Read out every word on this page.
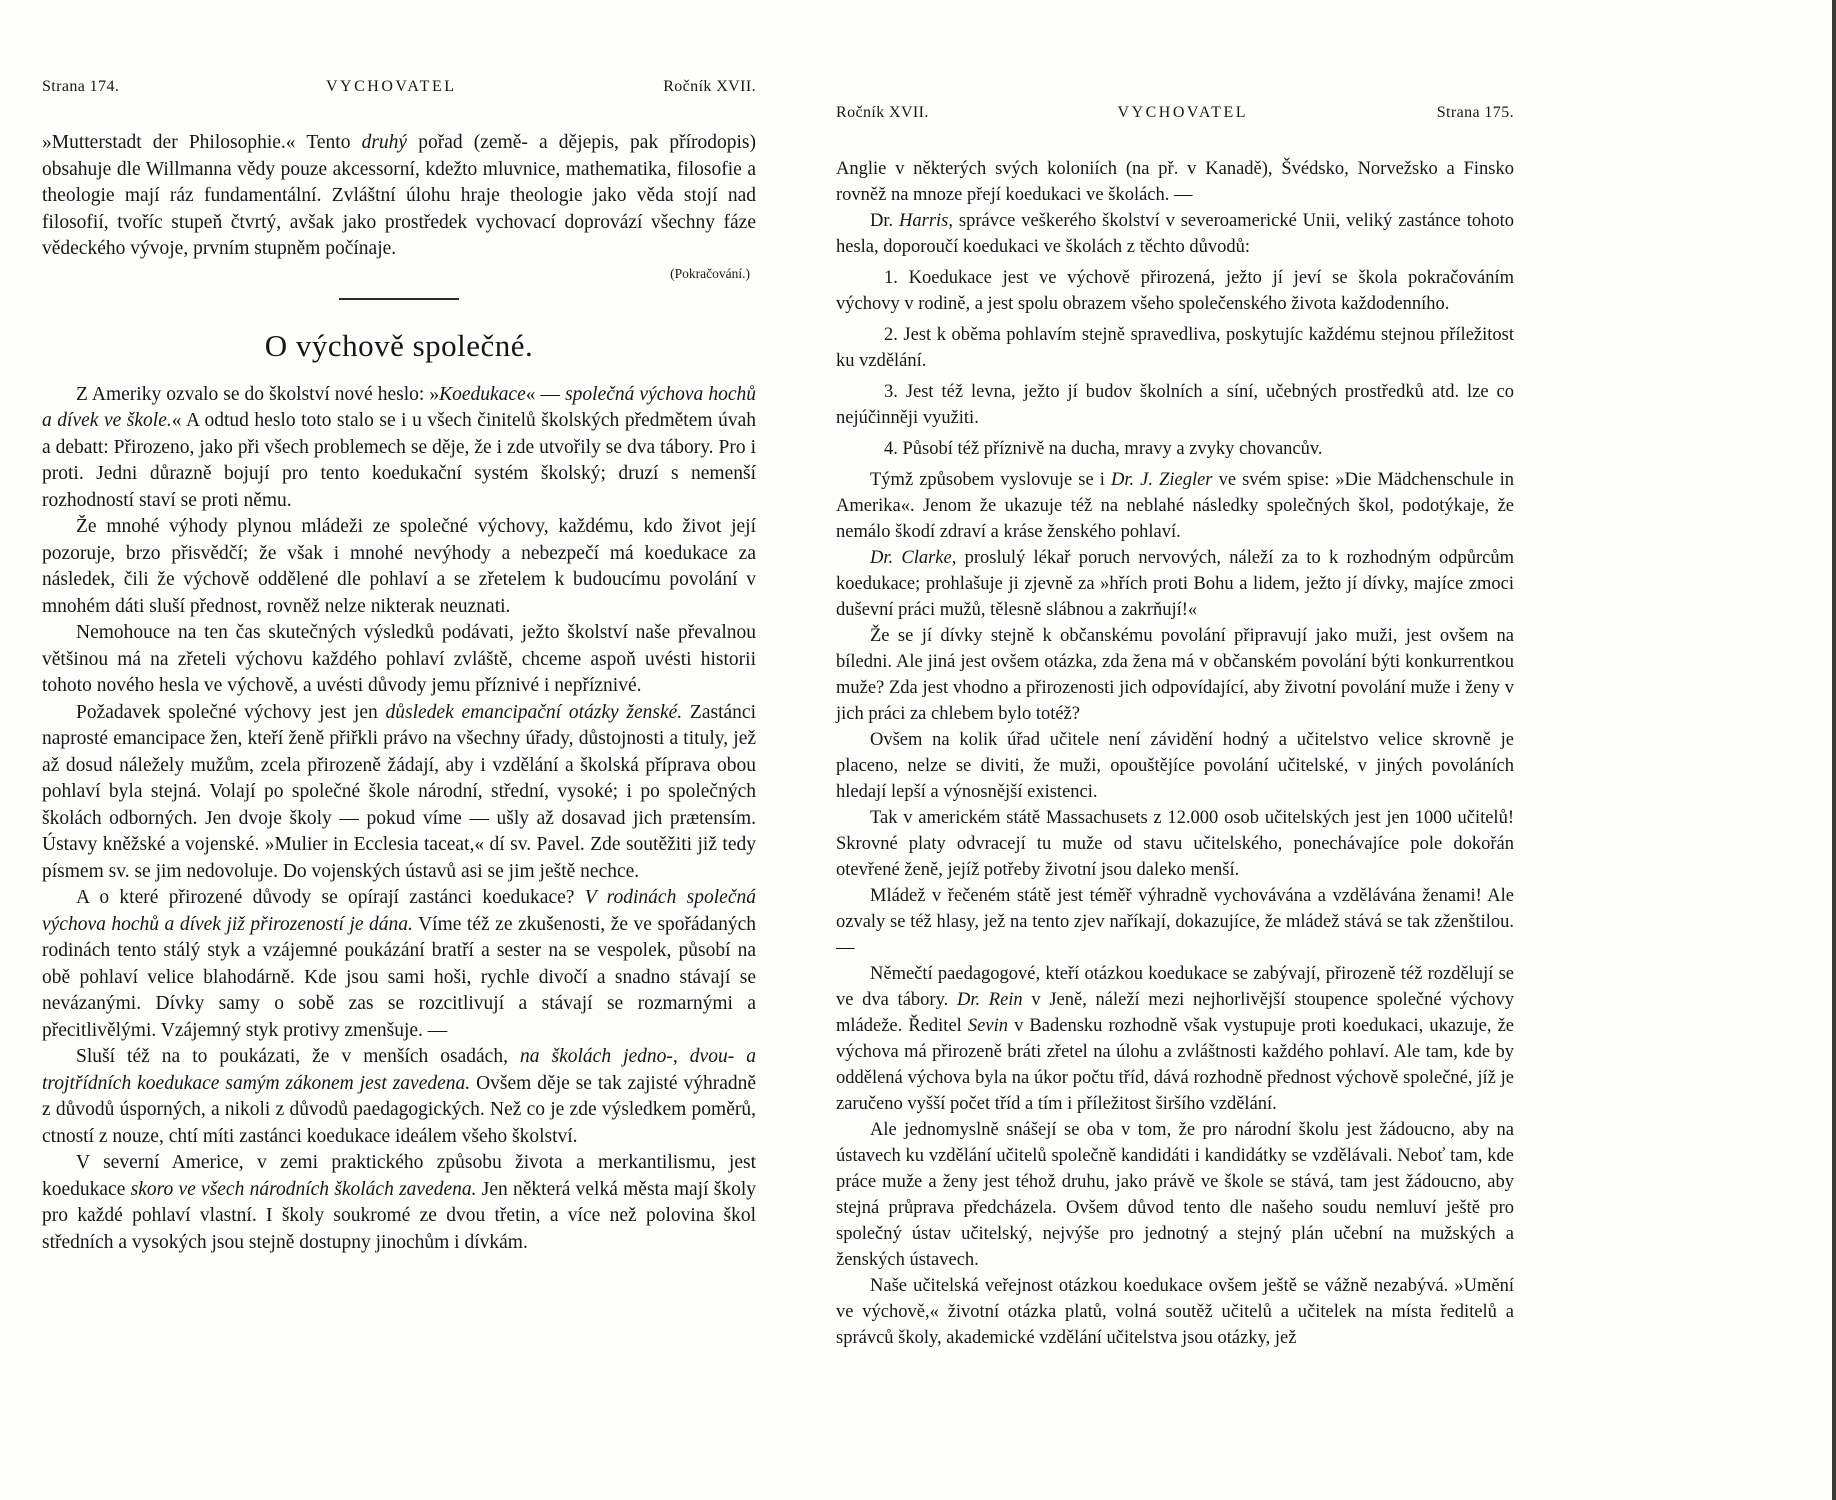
Strana 174.	VYCHOVATEL	Ročník XVII.

»Mutterstadt der Philosophie.« Tento druhý pořad (země- a dějepis, pak přírodopis) obsahuje dle Willmanna vědy pouze akcessorní, kdežto mluvnice, mathematika, filosofie a theologie mají ráz fundamentální. Zvláštní úlohu hraje theologie jako věda stojí nad filosofií, tvoříc stupeň čtvrtý, avšak jako prostředek vychovací doprovází všechny fáze vědeckého vývoje, prvním stupněm počínaje.

(Pokračování.)
O výchově společné.

Z Ameriky ozvalo se do školství nové heslo: »Koedukace« — společná výchova hochů a dívek ve škole.« A odtud heslo toto stalo se i u všech činitelů školských předmětem úvah a debatt: Přirozeno, jako při všech problemech se děje, že i zde utvořily se dva tábory. Pro i proti. Jedni důrazně bojují pro tento koedukační systém školský; druzí s nemenší rozhodností staví se proti němu.

Že mnohé výhody plynou mládeži ze společné výchovy, každému, kdo život její pozoruje, brzo přisvědčí; že však i mnohé nevýhody a nebezpečí má koedukace za následek, čili že výchově oddělené dle pohlaví a se zřetelem k budoucímu povolání v mnohém dáti sluší přednost, rovněž nelze nikterak neuznati.

Nemohouce na ten čas skutečných výsledků podávati, ježto školství naše převalnou většinou má na zřeteli výchovu každého pohlaví zvláště, chceme aspoň uvésti historii tohoto nového hesla ve výchově, a uvésti důvody jemu příznivé i nepříznivé.

Požadavek společné výchovy jest jen důsledek emancipační otázky ženské. Zastánci naprosté emancipace žen, kteří ženě přiřkli právo na všechny úřady, důstojnosti a tituly, jež až dosud náležely mužům, zcela přirozeně žádají, aby i vzdělání a školská příprava obou pohlaví byla stejná. Volají po společné škole národní, střední, vysoké; i po společných školách odborných. Jen dvoje školy — pokud víme — ušly až dosavad jich prætensím. Ústavy kněžské a vojenské. »Mulier in Ecclesia taceat,« dí sv. Pavel. Zde soutěžiti již tedy písmem sv. se jim nedovoluje. Do vojenských ústavů asi se jim ještě nechce.

A o které přirozené důvody se opírají zastánci koedukace? V rodinách společná výchova hochů a dívek již přirozeností je dána. Víme též ze zkušenosti, že ve spořádaných rodinách tento stálý styk a vzájemné poukázání bratří a sester na se vespolek, působí na obě pohlaví velice blahodárně. Kde jsou sami hoši, rychle divočí a snadno stávají se nevázanými. Dívky samy o sobě zas se rozcitlivují a stávají se rozmarnými a přecitlivělými. Vzájemný styk protivy zmenšuje. —

Sluší též na to poukázati, že v menších osadách, na školách jedno-, dvou- a trojtřídních koedukace samým zákonem jest zavedena. Ovšem děje se tak zajisté výhradně z důvodů úsporných, a nikoli z důvodů paedagogických. Než co je zde výsledkem poměrů, ctností z nouze, chtí míti zastánci koedukace ideálem všeho školství.

V severní Americe, v zemi praktického způsobu života a merkantilismu, jest koedukace skoro ve všech národních školách zavedena. Jen některá velká města mají školy pro každé pohlaví vlastní. I školy soukromé ze dvou třetin, a více než polovina škol středních a vysokých jsou stejně dostupny jinochům i dívkám.

Ročník XVII.	VYCHOVATEL	Strana 175.

Anglie v některých svých koloniích (na př. v Kanadě), Švédsko, Norvežsko a Finsko rovněž na mnoze přejí koedukaci ve školách. —

Dr. Harris, správce veškerého školství v severoamerické Unii, veliký zastánce tohoto hesla, doporoučí koedukaci ve školách z těchto důvodů:

1. Koedukace jest ve výchově přirozená, ježto jí jeví se škola pokračováním výchovy v rodině, a jest spolu obrazem všeho společenského života každodenního.

2. Jest k oběma pohlavím stejně spravedliva, poskytujíc každému stejnou příležitost ku vzdělání.

3. Jest též levna, ježto jí budov školních a síní, učebných prostředků atd. lze co nejúčinněji využiti.

4. Působí též příznivě na ducha, mravy a zvyky chovancův.

Týmž způsobem vyslovuje se i Dr. J. Ziegler ve svém spise: »Die Mädchenschule in Amerika«. Jenom že ukazuje též na neblahé následky společných škol, podotýkaje, že nemálo škodí zdraví a kráse ženského pohlaví.

Dr. Clarke, proslulý lékař poruch nervových, náleží za to k rozhodným odpůrcům koedukace; prohlašuje ji zjevně za »hřích proti Bohu a lidem, ježto jí dívky, majíce zmoci duševní práci mužů, tělesně slábnou a zakrňují!«

Že se jí dívky stejně k občanskému povolání připravují jako muži, jest ovšem na bíledni. Ale jiná jest ovšem otázka, zda žena má v občanském povolání býti konkurrentkou muže? Zda jest vhodno a přirozenosti jich odpovídající, aby životní povolání muže i ženy v jich práci za chlebem bylo totéž?

Ovšem na kolik úřad učitele není závidění hodný a učitelstvo velice skrovně je placeno, nelze se diviti, že muži, opouštějíce povolání učitelské, v jiných povoláních hledají lepší a výnosnější existenci.

Tak v americkém státě Massachusets z 12.000 osob učitelských jest jen 1000 učitelů! Skrovné platy odvracejí tu muže od stavu učitelského, ponechávajíce pole dokořán otevřené ženě, jejíž potřeby životní jsou daleko menší.

Mládež v řečeném státě jest téměř výhradně vychovávána a vzdělávána ženami! Ale ozvaly se též hlasy, jež na tento zjev naříkají, dokazujíce, že mládež stává se tak zženštilou. —

Němečtí paedagogové, kteří otázkou koedukace se zabývají, přirozeně též rozdělují se ve dva tábory. Dr. Rein v Jeně, náleží mezi nejhorlivější stoupence společné výchovy mládeže. Ředitel Sevin v Badensku rozhodně však vystupuje proti koedukaci, ukazuje, že výchova má přirozeně bráti zřetel na úlohu a zvláštnosti každého pohlaví. Ale tam, kde by oddělená výchova byla na úkor počtu tříd, dává rozhodně přednost výchově společné, jíž je zaručeno vyšší počet tříd a tím i příležitost širšího vzdělání.

Ale jednomyslně snášejí se oba v tom, že pro národní školu jest žádoucno, aby na ústavech ku vzdělání učitelů společně kandidáti i kandidátky se vzdělávali. Neboť tam, kde práce muže a ženy jest téhož druhu, jako právě ve škole se stává, tam jest žádoucno, aby stejná průprava předcházela. Ovšem důvod tento dle našeho soudu nemluví ještě pro společný ústav učitelský, nejvýše pro jednotný a stejný plán učební na mužských a ženských ústavech.

Naše učitelská veřejnost otázkou koedukace ovšem ještě se vážně nezabývá. »Umění ve výchově,« životní otázka platů, volná soutěž učitelů a učitelek na místa ředitelů a správců školy, akademické vzdělání učitelstva jsou otázky, jež
